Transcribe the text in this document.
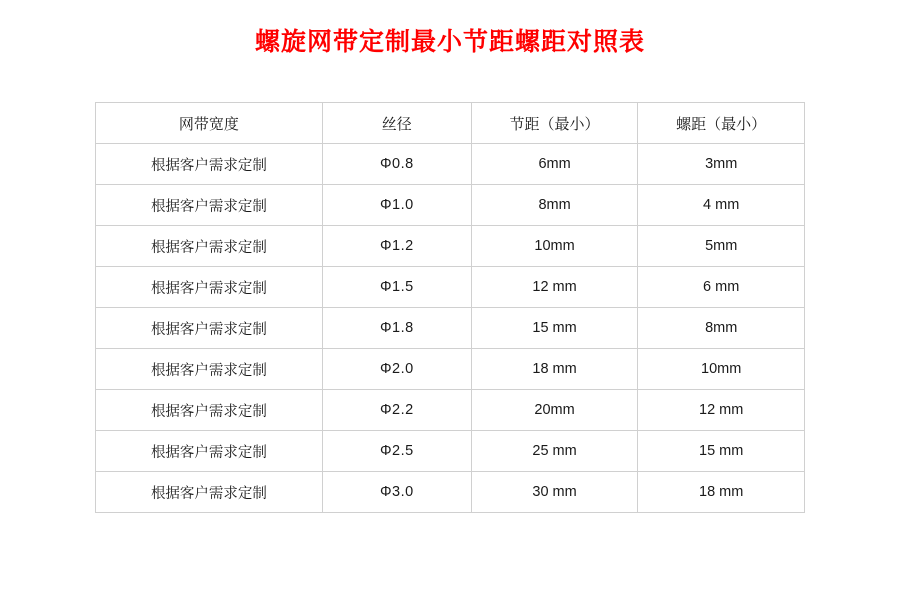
螺旋网带定制最小节距螺距对照表
网带宽度	丝径	节距（最小）	螺距（最小）
根据客户需求定制	Φ0.8	6mm	3mm
根据客户需求定制	Φ1.0	8mm	4 mm
根据客户需求定制	Φ1.2	10mm	5mm
根据客户需求定制	Φ1.5	12 mm	6 mm
根据客户需求定制	Φ1.8	15 mm	8mm
根据客户需求定制	Φ2.0	18 mm	10mm
根据客户需求定制	Φ2.2	20mm	12 mm
根据客户需求定制	Φ2.5	25 mm	15 mm
根据客户需求定制	Φ3.0	30 mm	18 mm
